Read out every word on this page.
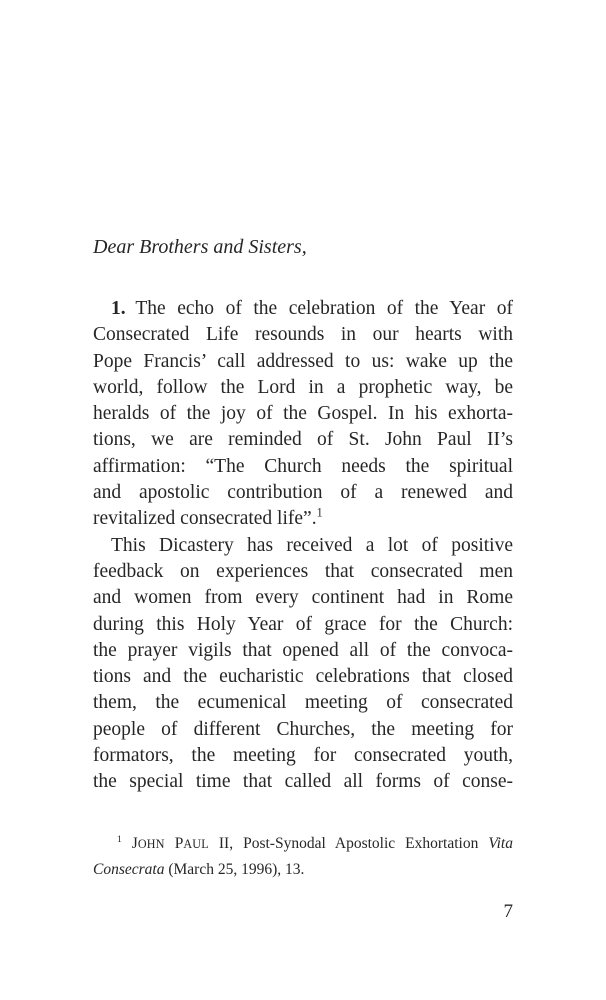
Dear Brothers and Sisters,
1. The echo of the celebration of the Year of
Consecrated Life resounds in our hearts with
Pope Francis’ call addressed to us: wake up the
world, follow the Lord in a prophetic way, be
heralds of the joy of the Gospel. In his exhorta-
tions, we are reminded of St. John Paul II’s
affirmation: “The Church needs the spiritual
and apostolic contribution of a renewed and
revitalized consecrated life”.$^1$
This Dicastery has received a lot of positive
feedback on experiences that consecrated men
and women from every continent had in Rome
during this Holy Year of grace for the Church:
the prayer vigils that opened all of the convoca-
tions and the eucharistic celebrations that closed
them, the ecumenical meeting of consecrated
people of different Churches, the meeting for
formators, the meeting for consecrated youth,
the special time that called all forms of conse-
$^1$ JOHN PAUL II, Post-Synodal Apostolic Exhortation Vita
Consecrata (March 25, 1996), 13.
7
